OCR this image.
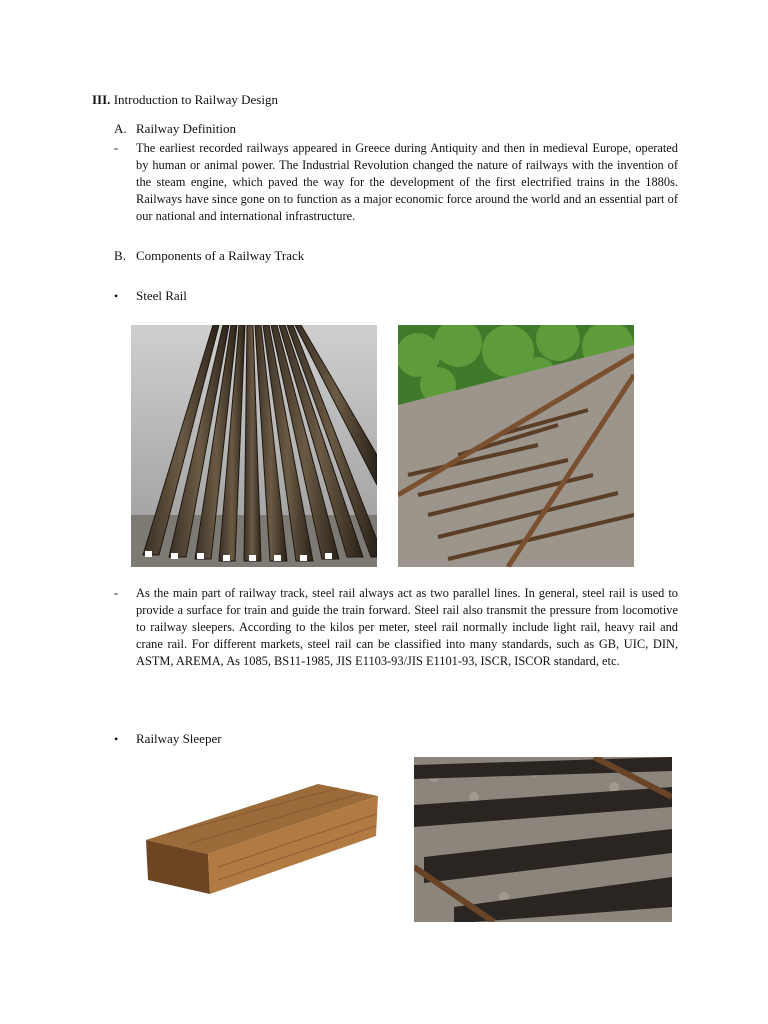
III. Introduction to Railway Design
A. Railway Definition
- The earliest recorded railways appeared in Greece during Antiquity and then in medieval Europe, operated by human or animal power. The Industrial Revolution changed the nature of railways with the invention of the steam engine, which paved the way for the development of the first electrified trains in the 1880s. Railways have since gone on to function as a major economic force around the world and an essential part of our national and international infrastructure.
B. Components of a Railway Track
• Steel Rail
- As the main part of railway track, steel rail always act as two parallel lines. In general, steel rail is used to provide a surface for train and guide the train forward. Steel rail also transmit the pressure from locomotive to railway sleepers. According to the kilos per meter, steel rail normally include light rail, heavy rail and crane rail. For different markets, steel rail can be classified into many standards, such as GB, UIC, DIN, ASTM, AREMA, As 1085, BS11-1985, JIS E1103-93/JIS E1101-93, ISCR, ISCOR standard, etc.
• Railway Sleeper
